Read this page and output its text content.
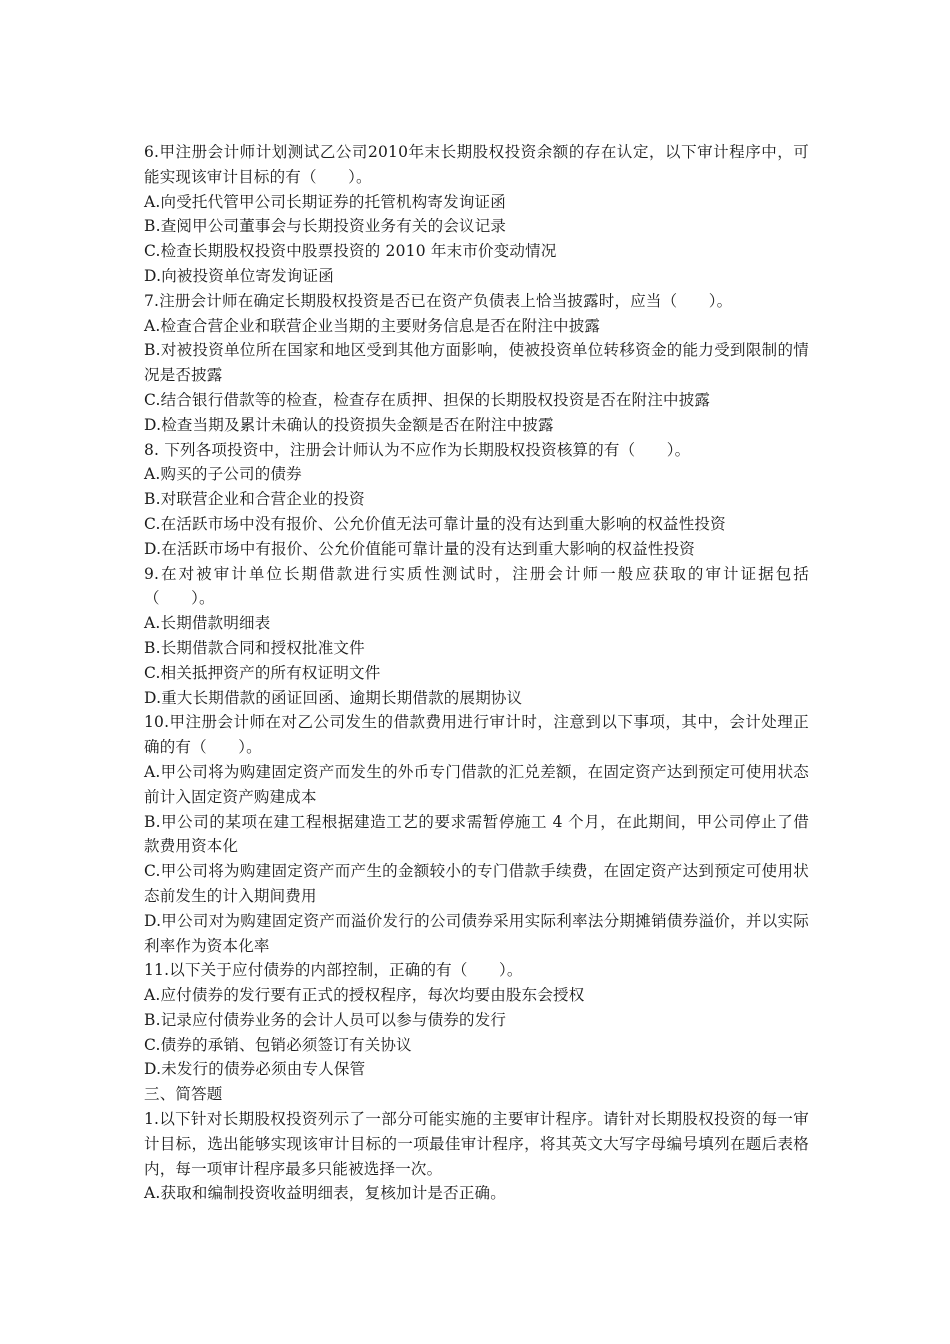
6.甲注册会计师计划测试乙公司2010年末长期股权投资余额的存在认定，以下审计程序中，可能实现该审计目标的有（　　）。
A.向受托代管甲公司长期证券的托管机构寄发询证函
B.查阅甲公司董事会与长期投资业务有关的会议记录
C.检查长期股权投资中股票投资的 2010 年末市价变动情况
D.向被投资单位寄发询证函
7.注册会计师在确定长期股权投资是否已在资产负债表上恰当披露时，应当（　　）。
A.检查合营企业和联营企业当期的主要财务信息是否在附注中披露
B.对被投资单位所在国家和地区受到其他方面影响，使被投资单位转移资金的能力受到限制的情况是否披露
C.结合银行借款等的检查，检查存在质押、担保的长期股权投资是否在附注中披露
D.检查当期及累计未确认的投资损失金额是否在附注中披露
8. 下列各项投资中，注册会计师认为不应作为长期股权投资核算的有（　　）。
A.购买的子公司的债券
B.对联营企业和合营企业的投资
C.在活跃市场中没有报价、公允价值无法可靠计量的没有达到重大影响的权益性投资
D.在活跃市场中有报价、公允价值能可靠计量的没有达到重大影响的权益性投资
9.在对被审计单位长期借款进行实质性测试时，注册会计师一般应获取的审计证据包括（　　）。
A.长期借款明细表
B.长期借款合同和授权批准文件
C.相关抵押资产的所有权证明文件
D.重大长期借款的函证回函、逾期长期借款的展期协议
10.甲注册会计师在对乙公司发生的借款费用进行审计时，注意到以下事项，其中，会计处理正确的有（　　）。
A.甲公司将为购建固定资产而发生的外币专门借款的汇兑差额，在固定资产达到预定可使用状态前计入固定资产购建成本
B.甲公司的某项在建工程根据建造工艺的要求需暂停施工 4 个月，在此期间，甲公司停止了借款费用资本化
C.甲公司将为购建固定资产而产生的金额较小的专门借款手续费，在固定资产达到预定可使用状态前发生的计入期间费用
D.甲公司对为购建固定资产而溢价发行的公司债券采用实际利率法分期摊销债券溢价，并以实际利率作为资本化率
11.以下关于应付债券的内部控制，正确的有（　　）。
A.应付债券的发行要有正式的授权程序，每次均要由股东会授权
B.记录应付债券业务的会计人员可以参与债券的发行
C.债券的承销、包销必须签订有关协议
D.未发行的债券必须由专人保管
三、简答题
1.以下针对长期股权投资列示了一部分可能实施的主要审计程序。请针对长期股权投资的每一审计目标，选出能够实现该审计目标的一项最佳审计程序，将其英文大写字母编号填列在题后表格内，每一项审计程序最多只能被选择一次。
A.获取和编制投资收益明细表，复核加计是否正确。
